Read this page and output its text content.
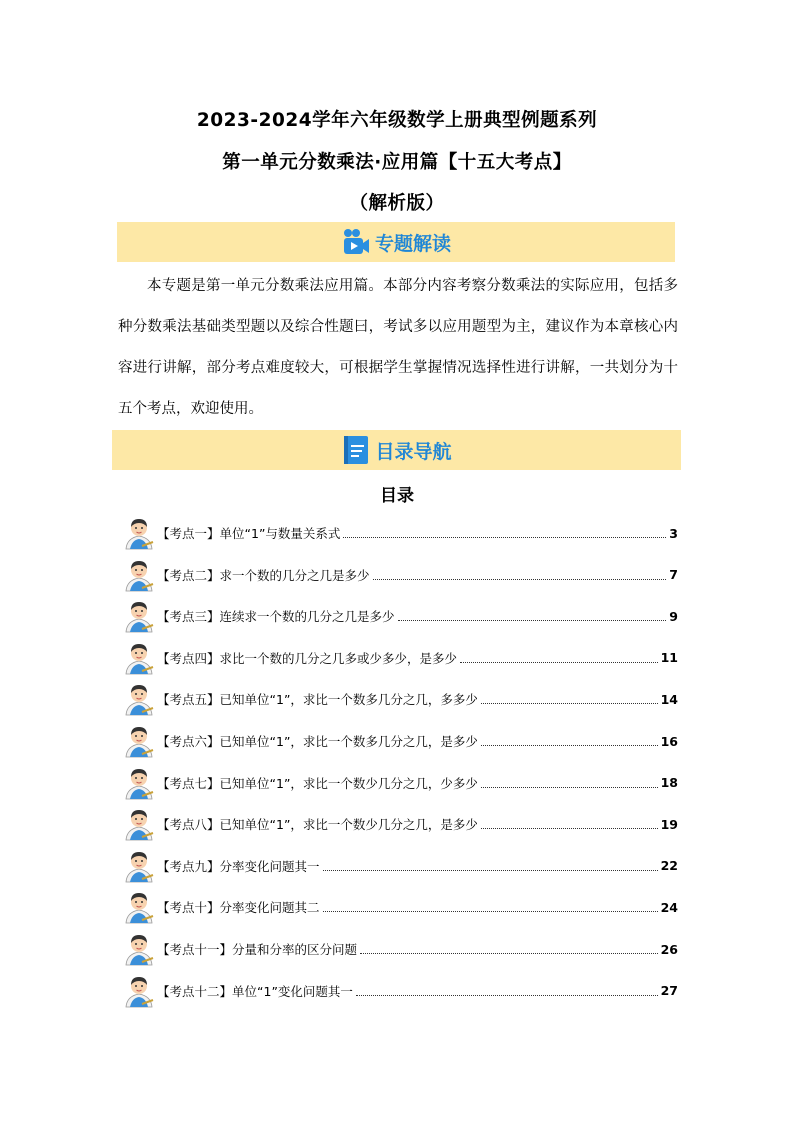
2023-2024学年六年级数学上册典型例题系列
第一单元分数乘法·应用篇【十五大考点】
（解析版）
专题解读

本专题是第一单元分数乘法应用篇。本部分内容考察分数乘法的实际应用，包括多种分数乘法基础类型题以及综合性题曰，考试多以应用题型为主，建议作为本章核心内容进行讲解，部分考点难度较大，可根据学生掌握情况选择性进行讲解，一共划分为十五个考点，欢迎使用。

目录导航
目录
【考点一】单位“1”与数量关系式	3
【考点二】求一个数的几分之几是多少	7
【考点三】连续求一个数的几分之几是多少	9
【考点四】求比一个数的几分之几多或少多少，是多少	11
【考点五】已知单位“1”，求比一个数多几分之几，多多少	14
【考点六】已知单位“1”，求比一个数多几分之几，是多少	16
【考点七】已知单位“1”，求比一个数少几分之几，少多少	18
【考点八】已知单位“1”，求比一个数少几分之几，是多少	19
【考点九】分率变化问题其一	22
【考点十】分率变化问题其二	24
【考点十一】分量和分率的区分问题	26
【考点十二】单位“1”变化问题其一	27
